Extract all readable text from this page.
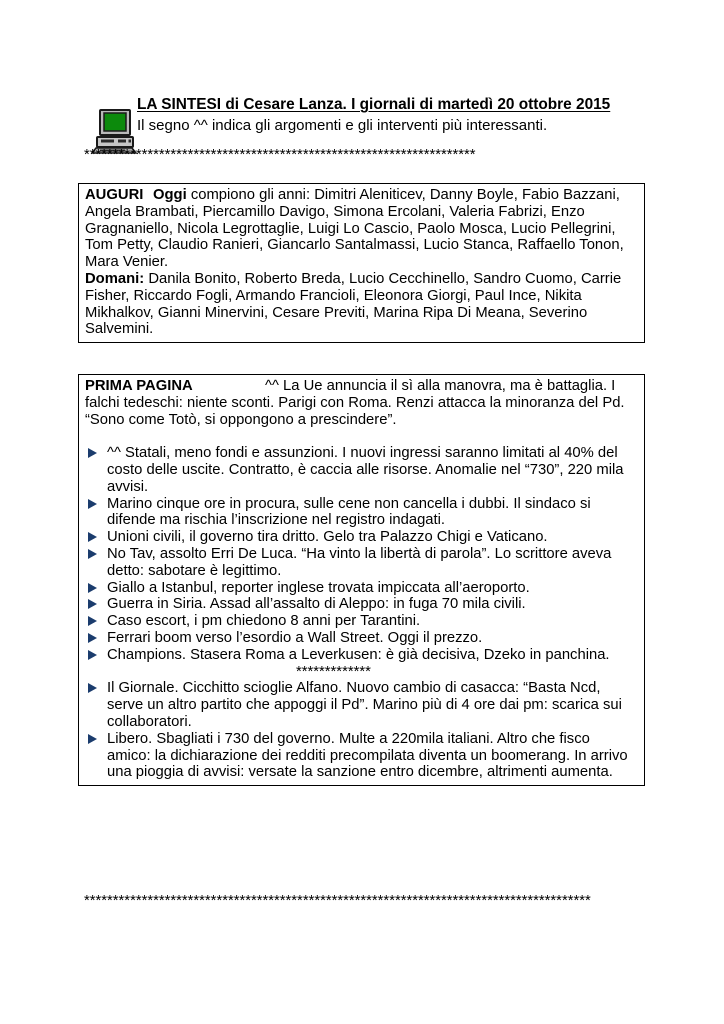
LA SINTESI di Cesare Lanza. I giornali di martedì 20 ottobre 2015
Il segno ^^ indica gli argomenti e gli interventi più interessanti.
********************************************************************

AUGURI Oggi compiono gli anni: Dimitri Aleniticev, Danny Boyle, Fabio Bazzani, Angela Brambati, Piercamillo Davigo, Simona Ercolani, Valeria Fabrizi, Enzo Gragnaniello, Nicola Legrottaglie, Luigi Lo Cascio, Paolo Mosca, Lucio Pellegrini, Tom Petty, Claudio Ranieri, Giancarlo Santalmassi, Lucio Stanca, Raffaello Tonon, Mara Venier.

Domani: Danila Bonito, Roberto Breda, Lucio Cecchinello, Sandro Cuomo, Carrie Fisher, Riccardo Fogli, Armando Francioli, Eleonora Giorgi, Paul Ince, Nikita Mikhalkov, Gianni Minervini, Cesare Previti, Marina Ripa Di Meana, Severino Salvemini.

PRIMA PAGINA	^^ La Ue annuncia il sì alla manovra, ma è battaglia. I falchi tedeschi: niente sconti. Parigi con Roma. Renzi attacca la minoranza del Pd. “Sono come Totò, si oppongono a prescindere”.

^^ Statali, meno fondi e assunzioni. I nuovi ingressi saranno limitati al 40% del costo delle uscite. Contratto, è caccia alle risorse. Anomalie nel “730”, 220 mila avvisi.
Marino cinque ore in procura, sulle cene non cancella i dubbi. Il sindaco si difende ma rischia l’inscrizione nel registro indagati.
Unioni civili, il governo tira dritto. Gelo tra Palazzo Chigi e Vaticano.
No Tav, assolto Erri De Luca. “Ha vinto la libertà di parola”. Lo scrittore aveva detto: sabotare è legittimo.
Giallo a Istanbul, reporter inglese trovata impiccata all’aeroporto.
Guerra in Siria. Assad all’assalto di Aleppo: in fuga 70 mila civili.
Caso escort, i pm chiedono 8 anni per Tarantini.
Ferrari boom verso l’esordio a Wall Street. Oggi il prezzo.
Champions. Stasera Roma a Leverkusen: è già decisiva, Dzeko in panchina.

*************

Il Giornale. Cicchitto scioglie Alfano. Nuovo cambio di casacca: “Basta Ncd, serve un altro partito che appoggi il Pd”. Marino più di 4 ore dai pm: scarica sui collaboratori.
Libero. Sbagliati i 730 del governo. Multe a 220mila italiani. Altro che fisco amico: la dichiarazione dei redditi precompilata diventa un boomerang. In arrivo una pioggia di avvisi: versate la sanzione entro dicembre, altrimenti aumenta.
****************************************************************************************
